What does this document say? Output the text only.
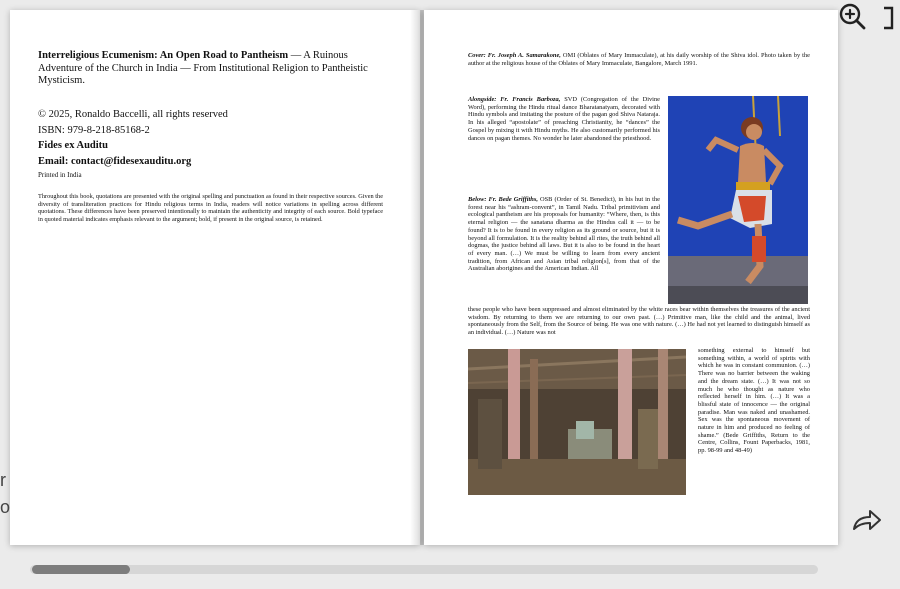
Interreligious Ecumenism: An Open Road to Pantheism — A Ruinous Adventure of the Church in India — From Institutional Religion to Pantheistic Mysticism.
© 2025, Ronaldo Baccelli, all rights reserved
ISBN: 979-8-218-85168-2
Fides ex Auditu
Email: contact@fidesexauditu.org
Printed in India
Throughout this book, quotations are presented with the original spelling and punctuation as found in their respective sources. Given the diversity of transliteration practices for Hindu religious terms in India, readers will notice variations in spelling across different quotations. These differences have been preserved intentionally to maintain the authenticity and integrity of each source. Bold typeface in quoted material indicates emphasis relevant to the argument; bold, if present in the original source, is retained.
Cover: Fr. Joseph A. Samarakone, OMI (Oblates of Mary Immaculate), at his daily worship of the Shiva idol. Photo taken by the author at the religious house of the Oblates of Mary Immaculate, Bangalore, March 1991.
Alongside: Fr. Francis Barboza, SVD (Congregation of the Divine Word), performing the Hindu ritual dance Bharatanatyam, decorated with Hindu symbols and imitating the posture of the pagan god Shiva Nataraja. In his alleged “apostolate” of preaching Christianity, he “dances” the Gospel by mixing it with Hindu myths. He also customarily performed his dances on pagan themes. No wonder he later abandoned the priesthood.
Below: Fr. Bede Griffiths, OSB (Order of St. Benedict), in his hut in the forest near his “ashram-convent”, in Tamil Nadu. Tribal primitivism and ecological pantheism are his proposals for humanity: “Where, then, is this eternal religion — the sanatana dharma as the Hindus call it — to be found? It is to be found in every religion as its ground or source, but it is beyond all formulation. It is the reality behind all rites, the truth behind all dogmas, the justice behind all laws. But it is also to be found in the heart of every man. (…) We must be willing to learn from every ancient tradition, from African and Asian tribal religion[s], from that of the Australian aborigines and the American Indian. All
these people who have been suppressed and almost eliminated by the white races bear within themselves the treasures of the ancient wisdom. By returning to them we are returning to our own past. (…) Primitive man, like the child and the animal, lived spontaneously from the Self, from the Source of being. He was one with nature. (…) He had not yet learned to distinguish himself as an individual. (…) Nature was not
something external to himself but something within, a world of spirits with which he was in constant communion. (…) There was no barrier between the waking and the dream state. (…) It was not so much he who thought as nature who reflected herself in him. (…) It was a blissful state of innocence — the original paradise. Man was naked and unashamed. Sex was the spontaneous movement of nature in him and produced no feeling of shame.” (Bede Griffiths, Return to the Centre, Collins, Fount Paperbacks, 1981, pp. 98-99 and 48-49)
r
o
